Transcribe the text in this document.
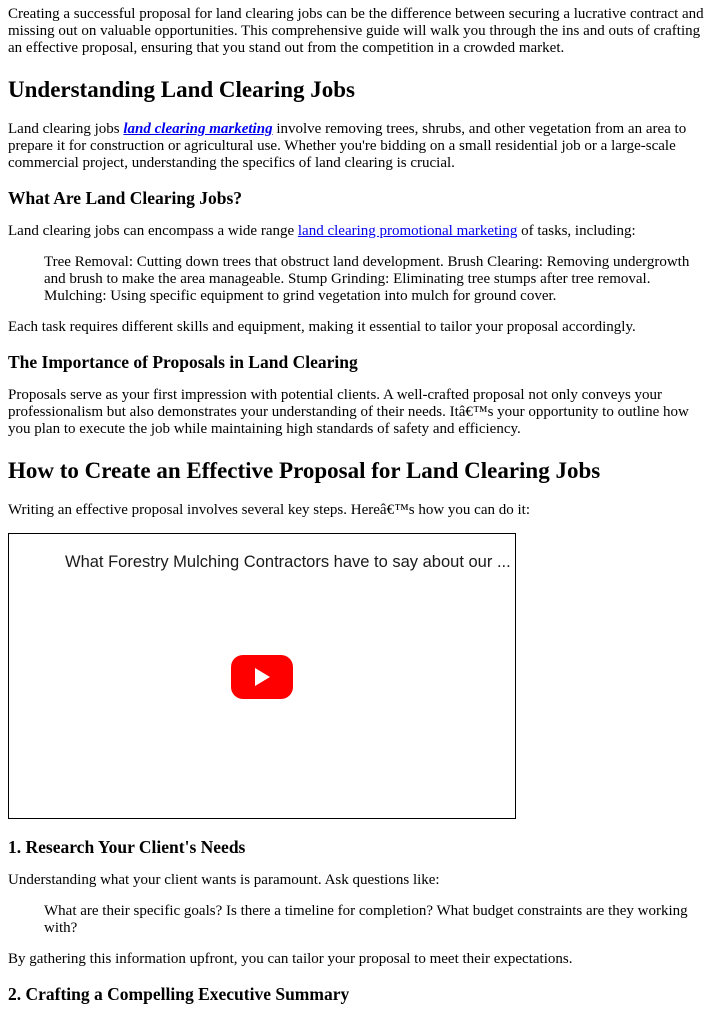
Creating a successful proposal for land clearing jobs can be the difference between securing a lucrative contract and missing out on valuable opportunities. This comprehensive guide will walk you through the ins and outs of crafting an effective proposal, ensuring that you stand out from the competition in a crowded market.

Understanding Land Clearing Jobs

Land clearing jobs land clearing marketing involve removing trees, shrubs, and other vegetation from an area to prepare it for construction or agricultural use. Whether you're bidding on a small residential job or a large-scale commercial project, understanding the specifics of land clearing is crucial.

What Are Land Clearing Jobs?

Land clearing jobs can encompass a wide range land clearing promotional marketing of tasks, including:

Tree Removal: Cutting down trees that obstruct land development. Brush Clearing: Removing undergrowth and brush to make the area manageable. Stump Grinding: Eliminating tree stumps after tree removal. Mulching: Using specific equipment to grind vegetation into mulch for ground cover.

Each task requires different skills and equipment, making it essential to tailor your proposal accordingly.

The Importance of Proposals in Land Clearing

Proposals serve as your first impression with potential clients. A well-crafted proposal not only conveys your professionalism but also demonstrates your understanding of their needs. Itâ€™s your opportunity to outline how you plan to execute the job while maintaining high standards of safety and efficiency.

How to Create an Effective Proposal for Land Clearing Jobs

Writing an effective proposal involves several key steps. Hereâ€™s how you can do it:

What Forestry Mulching Contractors have to say about our ...
1. Research Your Client's Needs

Understanding what your client wants is paramount. Ask questions like:

What are their specific goals? Is there a timeline for completion? What budget constraints are they working with?

By gathering this information upfront, you can tailor your proposal to meet their expectations.

2. Crafting a Compelling Executive Summary
